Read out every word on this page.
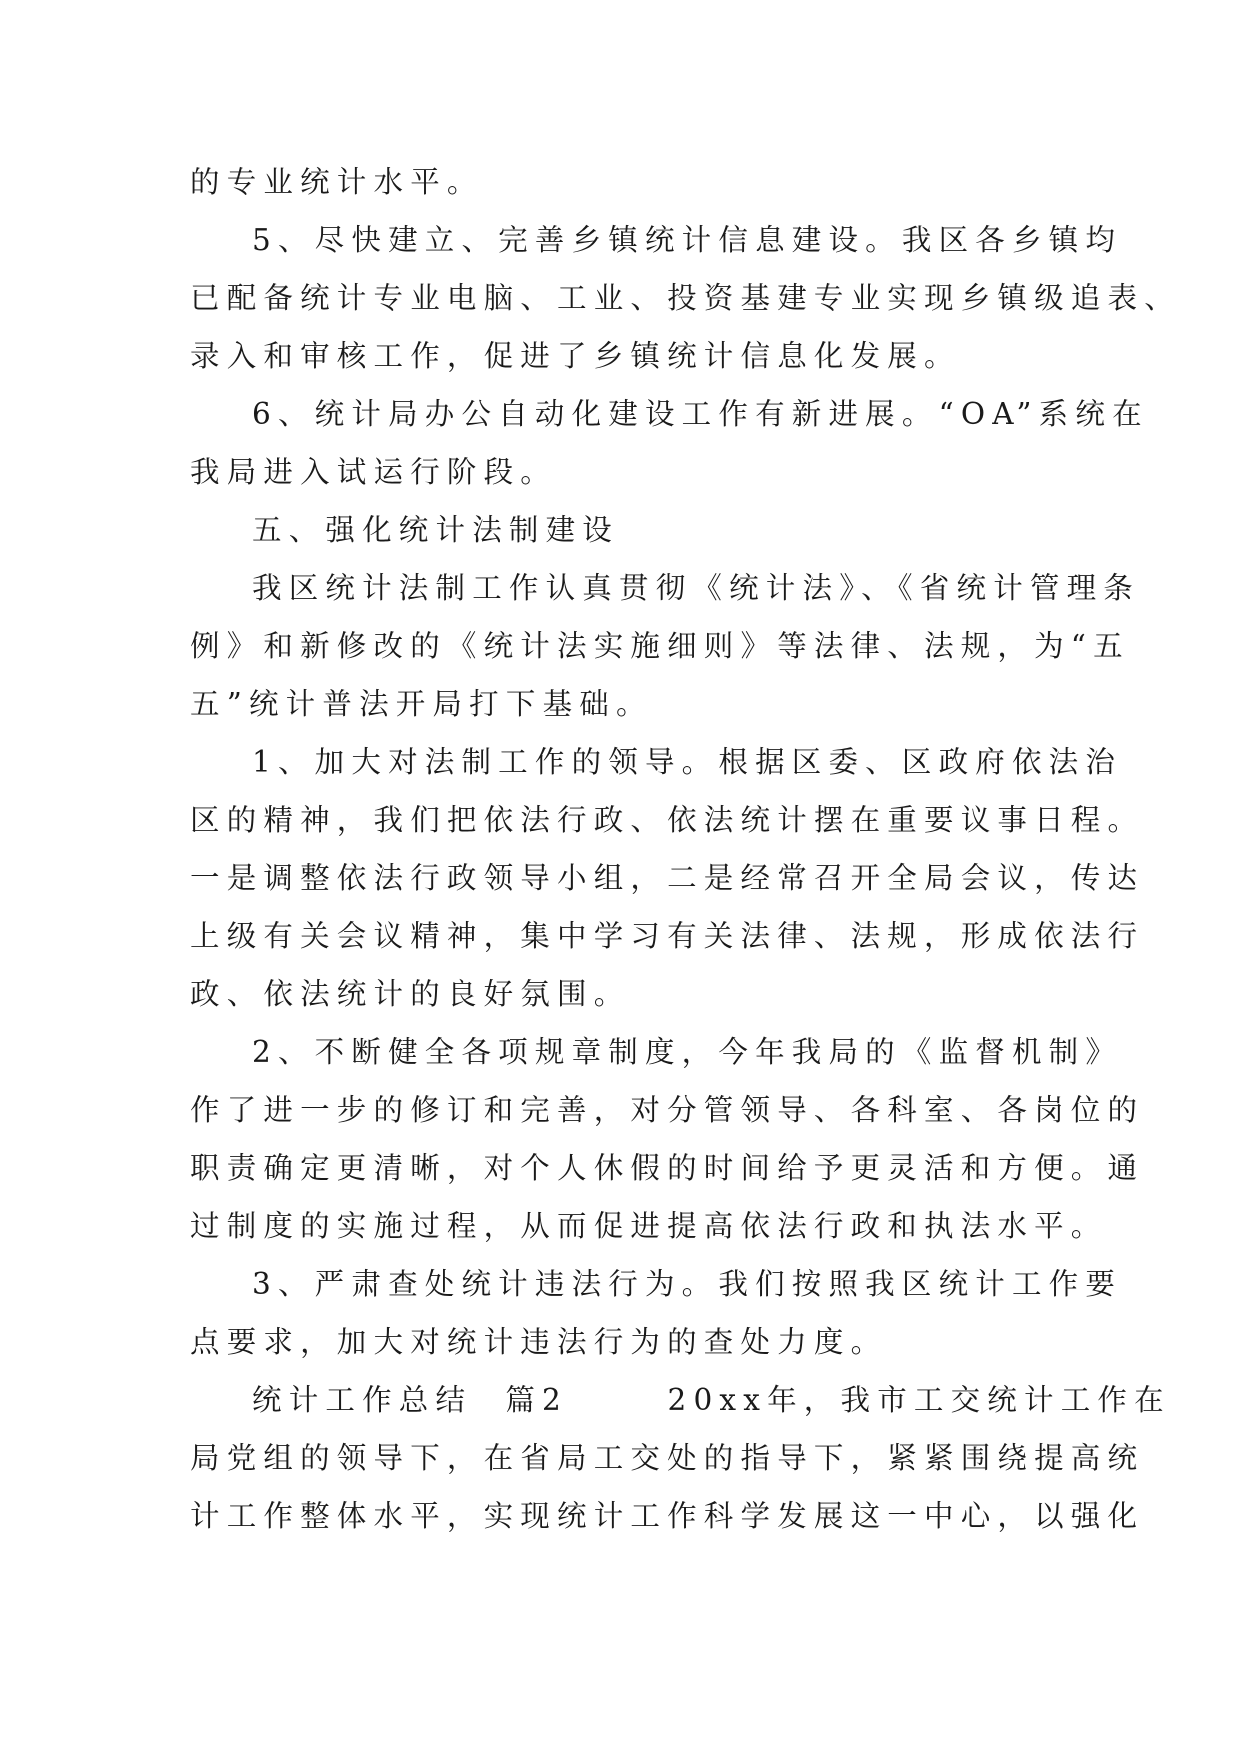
的专业统计水平。
5、尽快建立、完善乡镇统计信息建设。我区各乡镇均
已配备统计专业电脑、工业、投资基建专业实现乡镇级追表、
录入和审核工作，促进了乡镇统计信息化发展。
6、统计局办公自动化建设工作有新进展。“OA”系统在
我局进入试运行阶段。
五、强化统计法制建设
我区统计法制工作认真贯彻《统计法》、《省统计管理条
例》和新修改的《统计法实施细则》等法律、法规，为“五
五”统计普法开局打下基础。
1、加大对法制工作的领导。根据区委、区政府依法治
区的精神，我们把依法行政、依法统计摆在重要议事日程。
一是调整依法行政领导小组，二是经常召开全局会议，传达
上级有关会议精神，集中学习有关法律、法规，形成依法行
政、依法统计的良好氛围。
2、不断健全各项规章制度，今年我局的《监督机制》
作了进一步的修订和完善，对分管领导、各科室、各岗位的
职责确定更清晰，对个人休假的时间给予更灵活和方便。通
过制度的实施过程，从而促进提高依法行政和执法水平。
3、严肃查处统计违法行为。我们按照我区统计工作要
点要求，加大对统计违法行为的查处力度。
统计工作总结  篇2      20xx年，我市工交统计工作在
局党组的领导下，在省局工交处的指导下，紧紧围绕提高统
计工作整体水平，实现统计工作科学发展这一中心，以强化
